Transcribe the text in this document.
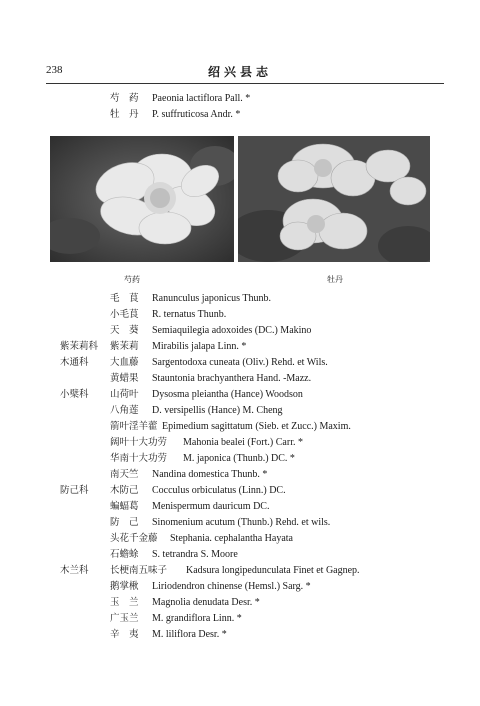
238	绍兴县志
芍　药 Paeonia lactiflora Pall. *
牡　丹 P. suffruticosa Andr. *
芍药	牡丹
毛　茛 Ranunculus japonicus Thunb.
小毛茛 R. ternatus Thunb.
天　葵 Semiaquilegia adoxoides (DC.) Makino
紫茉莉科 紫茉莉 Mirabilis jalapa Linn. *
木通科 大血藤 Sargentodoxa cuneata (Oliv.) Rehd. et Wils.
黄蜡果 Stauntonia brachyanthera Hand. -Mazz.
小檗科 山荷叶 Dysosma pleiantha (Hance) Woodson
八角莲 D. versipellis (Hance) M. Cheng
箭叶淫羊藿 Epimedium sagittatum (Sieb. et Zucc.) Maxim.
阔叶十大功劳 Mahonia bealei (Fort.) Carr. *
华南十大功劳 M. japonica (Thunb.) DC. *
南天竺 Nandina domestica Thunb. *
防己科 木防己 Cocculus orbiculatus (Linn.) DC.
蝙蝠葛 Menispermum dauricum DC.
防　己 Sinomenium acutum (Thunb.) Rehd. et wils.
头花千金藤 Stephania. cephalantha Hayata
石蟾蜍 S. tetrandra S. Moore
木兰科 长梗南五味子 Kadsura longipedunculata Finet et Gagnep.
鹅掌楸 Liriodendron chinense (Hemsl.) Sarg. *
玉　兰 Magnolia denudata Desr. *
广玉兰 M. grandiflora Linn. *
辛　夷 M. liliflora Desr. *
